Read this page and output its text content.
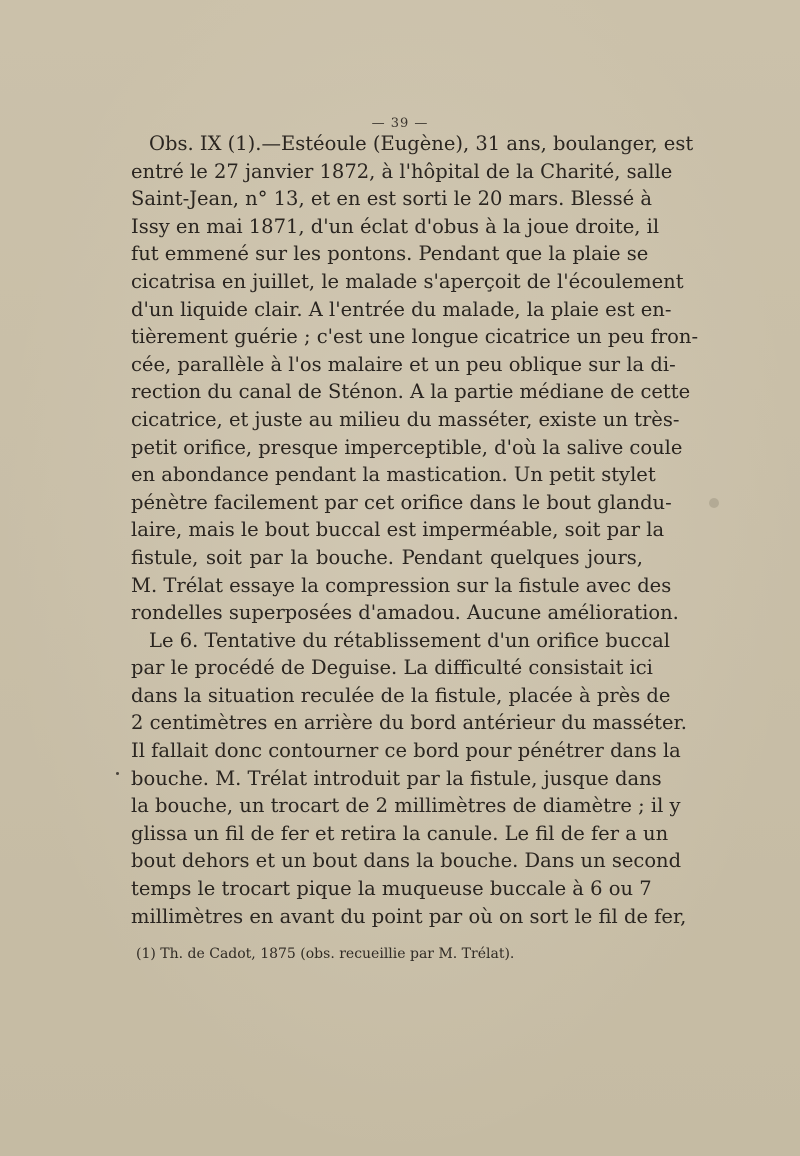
— 39 —
Obs. IX (1).—Estéoule (Eugène), 31 ans, boulanger, est
entré le 27 janvier 1872, à l'hôpital de la Charité, salle
Saint-Jean, n° 13, et en est sorti le 20 mars. Blessé à
Issy en mai 1871, d'un éclat d'obus à la joue droite, il
fut emmené sur les pontons. Pendant que la plaie se
cicatrisa en juillet, le malade s'aperçoit de l'écoulement
d'un liquide clair. A l'entrée du malade, la plaie est en-
tièrement guérie ; c'est une longue cicatrice un peu fron-
cée, parallèle à l'os malaire et un peu oblique sur la di-
rection du canal de Sténon. A la partie médiane de cette
cicatrice, et juste au milieu du masséter, existe un très-
petit orifice, presque imperceptible, d'où la salive coule
en abondance pendant la mastication. Un petit stylet
pénètre facilement par cet orifice dans le bout glandu-
laire, mais le bout buccal est imperméable, soit par la
fistule, soit par la bouche. Pendant quelques jours,
M. Trélat essaye la compression sur la fistule avec des
rondelles superposées d'amadou. Aucune amélioration.
Le 6. Tentative du rétablissement d'un orifice buccal
par le procédé de Deguise. La difficulté consistait ici
dans la situation reculée de la fistule, placée à près de
2 centimètres en arrière du bord antérieur du masséter.
Il fallait donc contourner ce bord pour pénétrer dans la
bouche. M. Trélat introduit par la fistule, jusque dans
la bouche, un trocart de 2 millimètres de diamètre ; il y
glissa un fil de fer et retira la canule. Le fil de fer a un
bout dehors et un bout dans la bouche. Dans un second
temps le trocart pique la muqueuse buccale à 6 ou 7
millimètres en avant du point par où on sort le fil de fer,
(1) Th. de Cadot, 1875 (obs. recueillie par M. Trélat).
